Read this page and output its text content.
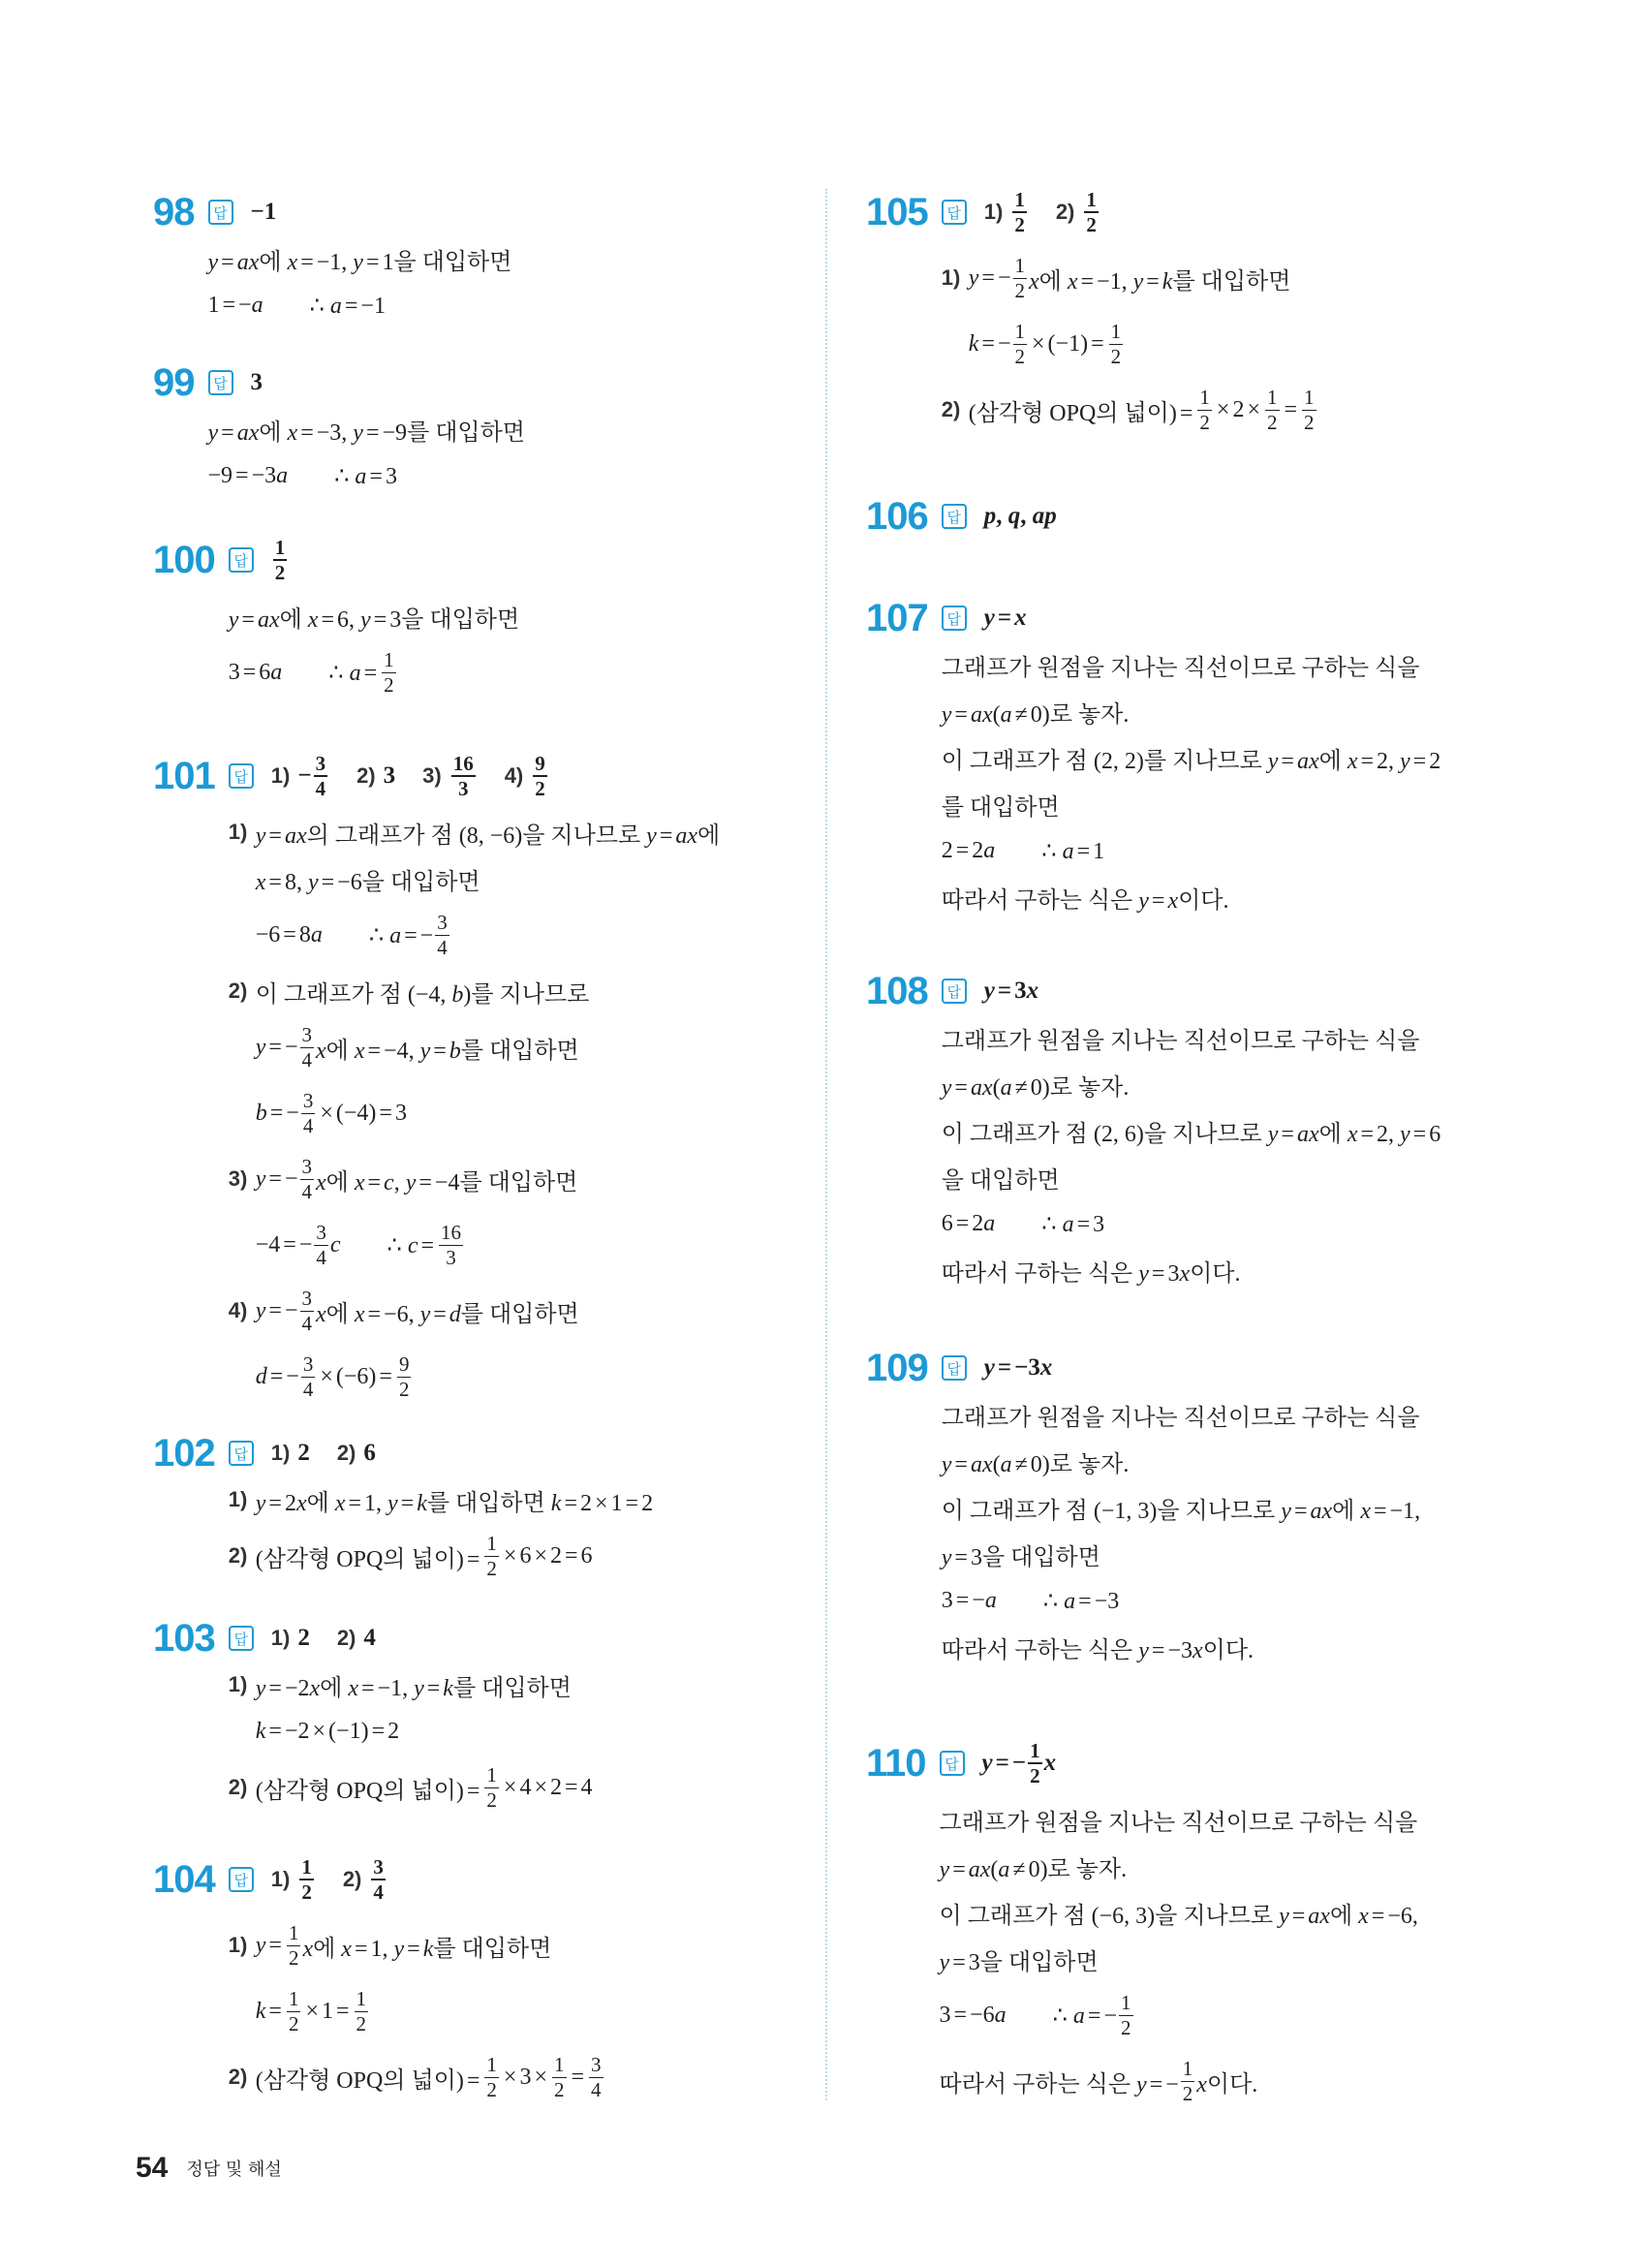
98	답 −1
y = ax에 x = −1, y = 1을 대입하면
1 = −a ∴ a = −1
99	답 3
y = ax에 x = −3, y = −9를 대입하면
−9 = −3a ∴ a = 3
100	답 $\frac{1}{2}$
y = ax에 x = 6, y = 3을 대입하면
3 = 6a ∴ $a = \frac{1}{2}$
101	답 $1) - \frac{3}{4} 2$) 3 $3) \frac{16}{3} 4) \frac{9}{2}$
1) y = ax의 그래프가 점 (8, −6)을 지나므로 y = ax에
x = 8, y = −6을 대입하면
−6 = 8a ∴ a = − $\frac{3}{4}$
2) 이 그래프가 점 (−4, b)를 지나므로
y = − $\frac{3}{4}$ x에 x = −4, y = b를 대입하면
b = − $\frac{3}{4} \times (-4) = 3$
3) y = − $\frac{3}{4}$ x에 x = c, y = −4를 대입하면
−4 = − $\frac{3}{4}$ c ∴ $c = \frac{16}{3}$
4) y = − $\frac{3}{4}$ x에 x = −6, y = d를 대입하면
d = − $\frac{3}{4} \times (-6) = \frac{9}{2}$
102	답 1) 2 2) 6
1) y = 2x에 x = 1, y = k를 대입하면 k = 2 × 1 = 2
2) (삼각형 OPQ의 넓이) = $\frac{1}{2} \times 6 \times 2 = 6$
103	답 1) 2 2) 4
1) y = −2x에 x = −1, y = k를 대입하면
k = −2 × (−1) = 2
2) (삼각형 OPQ의 넓이) = $\frac{1}{2} \times 4 \times 2 = 4$
104	답 $1) \frac{1}{2} 2) \frac{3}{4}$
1) $y = \frac{1}{2}$ x에 x = 1, y = k를 대입하면
$k = \frac{1}{2} \times 1 = \frac{1}{2}$
2) (삼각형 OPQ의 넓이) = $\frac{1}{2} \times 3 \times \frac{1}{2} = \frac{3}{4}$
105	답 $1) \frac{1}{2} 2) \frac{1}{2}$
1) y = − $\frac{1}{2}$ x에 x = −1, y = k를 대입하면
k = − $\frac{1}{2} \times (-1) = \frac{1}{2}$
2) (삼각형 OPQ의 넓이) = $\frac{1}{2} \times 2 \times \frac{1}{2} = \frac{1}{2}$
106	답 p, q, ap
107	답 y = x
그래프가 원점을 지나는 직선이므로 구하는 식을
y = ax(a ≠ 0)로 놓자.
이 그래프가 점 (2, 2)를 지나므로 y = ax에 x = 2, y = 2
를 대입하면
2 = 2a ∴ a = 1
따라서 구하는 식은 y = x이다.
108	답 y = 3x
그래프가 원점을 지나는 직선이므로 구하는 식을
y = ax(a ≠ 0)로 놓자.
이 그래프가 점 (2, 6)을 지나므로 y = ax에 x = 2, y = 6
을 대입하면
6 = 2a ∴ a = 3
따라서 구하는 식은 y = 3x이다.
109	답 y = −3x
그래프가 원점을 지나는 직선이므로 구하는 식을
y = ax(a ≠ 0)로 놓자.
이 그래프가 점 (−1, 3)을 지나므로 y = ax에 x = −1,
y = 3을 대입하면
3 = −a ∴ a = −3
따라서 구하는 식은 y = −3x이다.
110	답 y = − $\frac{1}{2}$ x
그래프가 원점을 지나는 직선이므로 구하는 식을
y = ax(a ≠ 0)로 놓자.
이 그래프가 점 (−6, 3)을 지나므로 y = ax에 x = −6,
y = 3을 대입하면
3 = −6a ∴ a = − $\frac{1}{2}$
따라서 구하는 식은 y = − $\frac{1}{2}$ x이다.
54 정답 및 해설
